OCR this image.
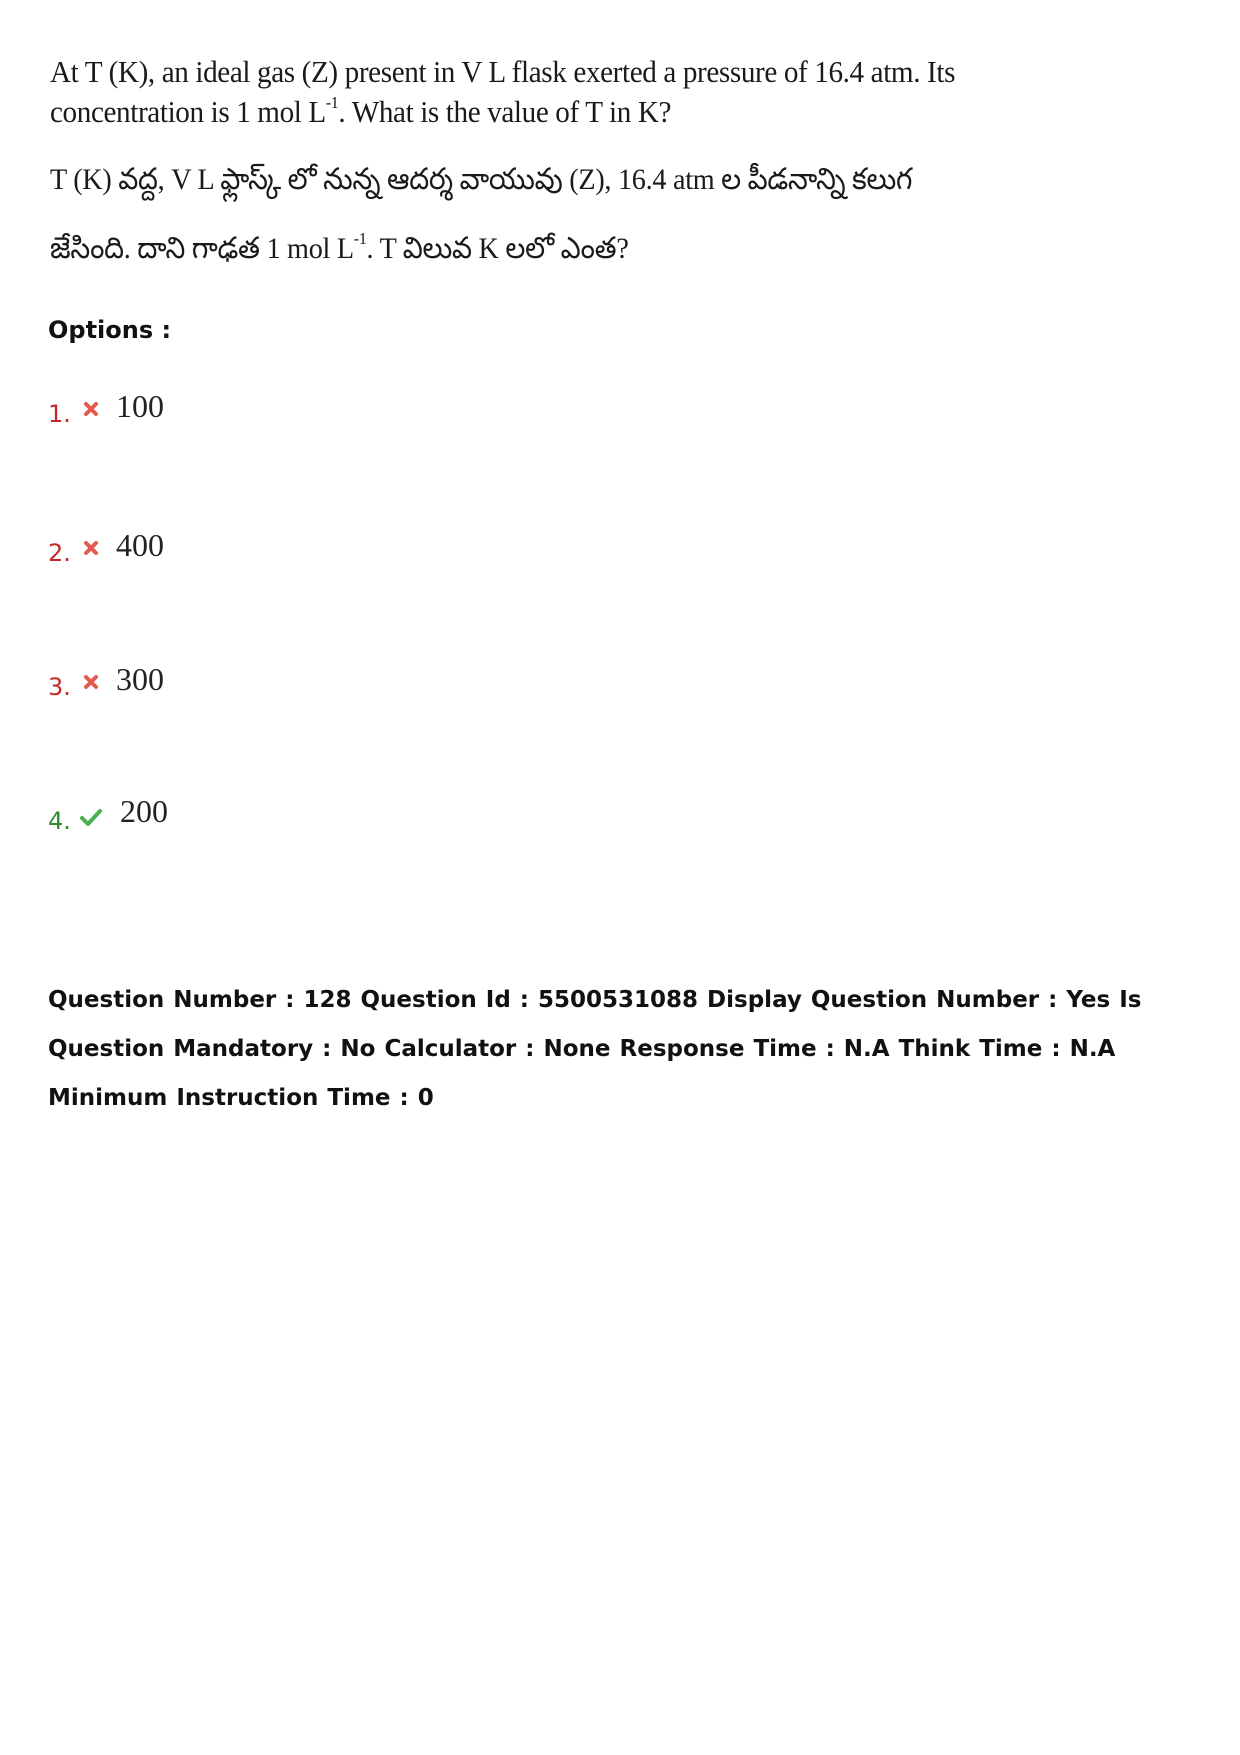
At T (K), an ideal gas (Z) present in V L flask exerted a pressure of 16.4 atm. Its
concentration is 1 mol $L^{-1}$. What is the value of T in K?
T (K) వద్ద, V L ఫ్లాస్క్ లో నున్న ఆదర్శ వాయువు (Z), 16.4 atm ల పీడనాన్ని కలుగ
జేసింది. దాని గాఢత 1 mol $L^{-1}$. T విలువ K లలో ఎంత?
Options :
1. 100
2. 400
3. 300
4. 200
Question Number : 128 Question Id : 5500531088 Display Question Number : Yes Is Question Mandatory : No Calculator : None Response Time : N.A Think Time : N.A Minimum Instruction Time : 0
